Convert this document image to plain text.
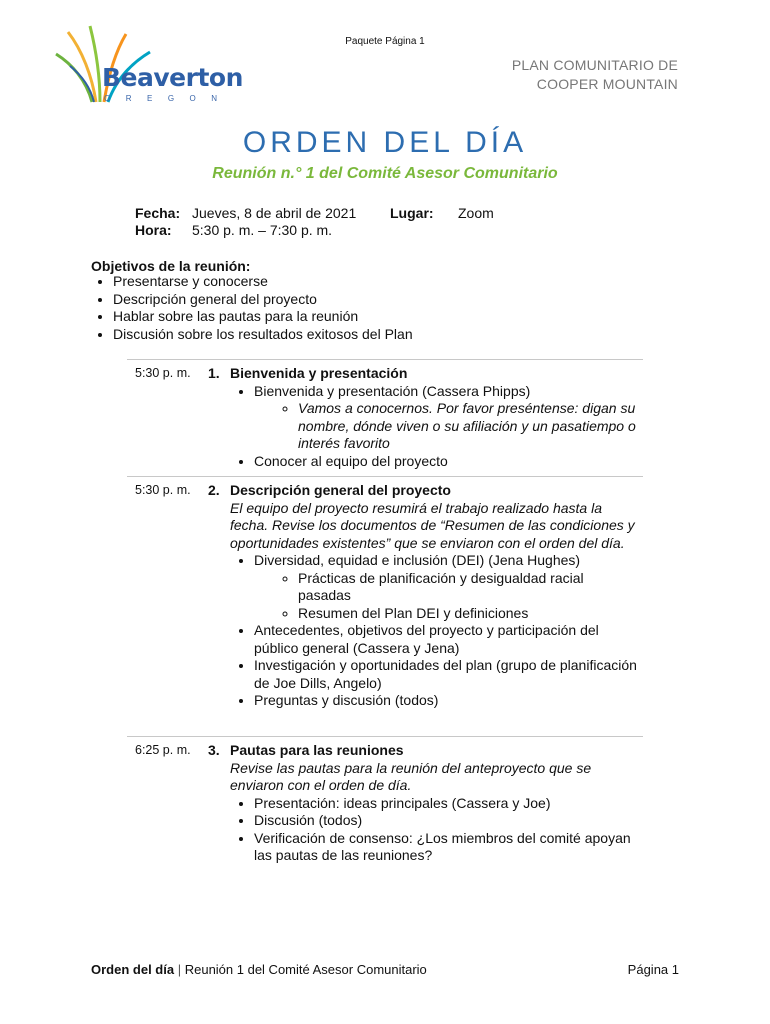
Paquete Página 1
Beaverton
OREGON
PLAN COMUNITARIO DE
COOPER MOUNTAIN
ORDEN DEL DÍA
Reunión n.° 1 del Comité Asesor Comunitario
Fecha: Jueves, 8 de abril de 2021 Lugar: Zoom
Hora: 5:30 p. m. – 7:30 p. m.
Objetivos de la reunión:
• Presentarse y conocerse
• Descripción general del proyecto
• Hablar sobre las pautas para la reunión
• Discusión sobre los resultados exitosos del Plan
5:30 p. m. 1. Bienvenida y presentación
• Bienvenida y presentación (Cassera Phipps)
◦ Vamos a conocernos. Por favor preséntense: digan su nombre, dónde viven o su afiliación y un pasatiempo o interés favorito
• Conocer al equipo del proyecto
5:30 p. m. 2. Descripción general del proyecto
El equipo del proyecto resumirá el trabajo realizado hasta la fecha. Revise los documentos de “Resumen de las condiciones y oportunidades existentes” que se enviaron con el orden del día.
• Diversidad, equidad e inclusión (DEI) (Jena Hughes)
◦ Prácticas de planificación y desigualdad racial pasadas
◦ Resumen del Plan DEI y definiciones
• Antecedentes, objetivos del proyecto y participación del público general (Cassera y Jena)
• Investigación y oportunidades del plan (grupo de planificación de Joe Dills, Angelo)
• Preguntas y discusión (todos)
6:25 p. m. 3. Pautas para las reuniones
Revise las pautas para la reunión del anteproyecto que se enviaron con el orden de día.
• Presentación: ideas principales (Cassera y Joe)
• Discusión (todos)
• Verificación de consenso: ¿Los miembros del comité apoyan las pautas de las reuniones?
Orden del día | Reunión 1 del Comité Asesor Comunitario	Página 1
